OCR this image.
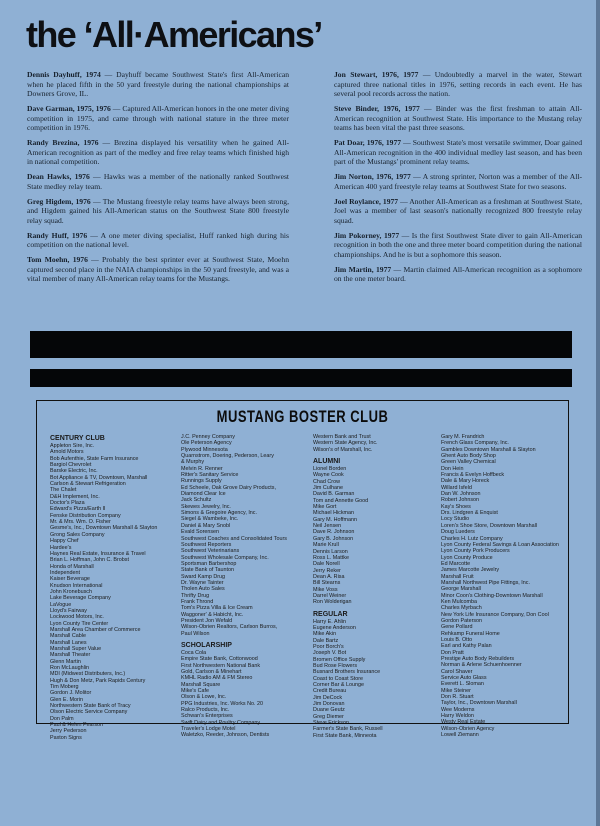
the ‘All·Americans’

Dennis Dayhuff, 1974 — Dayhuff became Southwest State's first All-American when he placed fifth in the 50 yard freestyle during the national championships at Downers Grove, IL.

Dave Garman, 1975, 1976 — Captured All-American honors in the one meter diving competition in 1975, and came through with national stature in the three meter competition in 1976.

Randy Brezina, 1976 — Brezina displayed his versatility when he gained All-American recognition as part of the medley and free relay teams which finished high in national competition.

Dean Hawks, 1976 — Hawks was a member of the nationally ranked Southwest State medley relay team.

Greg Higdem, 1976 — The Mustang freestyle relay teams have always been strong, and Higdem gained his All-American status on the Southwest State 800 freestyle relay squad.

Randy Huff, 1976 — A one meter diving specialist, Huff ranked high during his competition on the national level.

Tom Moehn, 1976 — Probably the best sprinter ever at Southwest State, Moehn captured second place in the NAIA championships in the 50 yard freestyle, and was a vital member of many All-American relay teams for the Mustangs.

Jon Stewart, 1976, 1977 — Undoubtedly a marvel in the water, Stewart captured three national titles in 1976, setting records in each event. He has several pool records across the nation.

Steve Binder, 1976, 1977 — Binder was the first freshman to attain All-American recognition at Southwest State. His importance to the Mustang relay teams has been vital the past three seasons.

Pat Doar, 1976, 1977 — Southwest State's most versatile swimmer, Doar gained All-American recognition in the 400 individual medley last season, and has been part of the Mustangs' prominent relay teams.

Jim Norton, 1976, 1977 — A strong sprinter, Norton was a member of the All-American 400 yard freestyle relay teams at Southwest State for two seasons.

Joel Roylance, 1977 — Another All-American as a freshman at Southwest State, Joel was a member of last season's nationally recognized 800 freestyle relay squad.

Jim Pokorney, 1977 — Is the first Southwest State diver to gain All-American recognition in both the one and three meter board competition during the national championships. And he is but a sophomore this season.

Jim Martin, 1977 — Martin claimed All-American recognition as a sophomore on the one meter board.

MUSTANG BOSTER CLUB
CENTURY CLUB
Appleton Sire, Inc.
Arnold Motors
Bob Aufenthie, State Farm Insurance
Bargiol Chevrolet
Barske Electric, Inc.
Bot Appliance & TV, Downtown, Marshall
Carlson & Stewart Refrigeration
The Chalet
D&H Implement, Inc.
Doctor's Plaza
Edward's Pizza/Earth II
Fenske Distribution Company
Mr. & Mrs. Wm. O. Fisher
Gesme's, Inc., Downtown Marshall & Slayton
Grong Sales Company
Happy Chef
Hardee's
Haynes Real Estate, Insurance & Travel
Brian L. Hoffman, John C. Brobst
Honda of Marshall
Independent
Kaiser Beverage
Knudson International
John Kronebusch
Lake Beverage Company
LaVogue
Lloyd's Fairway
Lockwood Motors, Inc.
Lyon County Tire Center
Marshall Area Chamber of Commerce
Marshall Cable
Marshall Lanes
Marshall Super Value
Marshall Theater
Glenn Martin
Ron McLaughlin
MDI (Midwest Distributers, Inc.)
Hugh & Don Metz, Park Rapids Century
Tim Moberg
Gordon J. Molitor
Glen E. Morin
Northwestern State Bank of Tracy
Olson Electric Service Company
Don Palm
Paul & Helen Pearson
Jerry Pederson
Paxton Signs
J.C. Penney Company
Ole Peterson Agency
Plywood Minnesota
Quarnstrom, Doering, Pederson, Leary
& Murphy
Melvin R. Renner
Ritter's Sanitary Service
Runnings Supply
Ed Scheele, Oak Grove Dairy Products,
Diamond Clear Ice
Jack Schultz
Skewes Jewelry, Inc.
Simons & Gregoire Agency, Inc.
Siegel & Wambeke, Inc.
Daniel & Mary Snobl
Evald Sorensen
Southwest Coaches and Consolidated Tours
Southwest Reporters
Southwest Veterinarians
Southwest Wholesale Company, Inc.
Sportsman Barbershop
State Bank of Taunton
Sward Kamp Drug
Dr. Wayne Tainter
Tholen Auto Sales
Thrifty Drug
Frank Thrond
Tom's Pizza Villa & Ice Cream
Waggoner' & Habicht, Inc.
President Jon Wefald
Wilson-Obrien Realtors, Carlson Burros,
Paul Wilson
SCHOLARSHIP
Coca Cola
Empire State Bank, Cottonwood
First Northwestern National Bank
Gold, Carlson & Minehart
KMHL Radio AM & FM Stereo
Marshall Square
Mike's Cafe
Olson & Lowe, Inc.
PPG Industries, Inc. Works No. 20
Ralco Products, Inc.
Schwan's Enterprises
Swift Dairy and Poultry Company
Traveler's Lodge Motel
Waletzko, Reeder, Johnson, Dentists
Western Bank and Trust
Western State Agency, Inc.
Wilson's of Marshall, Inc.
ALUMNI
Lionel Borden
Wayne Cook
Chad Crow
Jim Culhane
David B. Garman
Tom and Annette Good
Mike Gort
Michael Hickman
Gary M. Hoffmann
Neil Jensen
Dave R. Johnson
Gary B. Johnson
Marie Krull
Dennis Larson
Ross L. Mattke
Dale Norell
Jerry Reker
Dean A. Risa
Bill Stearns
Mike Voss
Darrel Weiner
Ron Wolderigan
REGULAR
Harry E. Ahlin
Eugene Anderson
Mike Akin
Dale Bartz
Poor Borch's
Joseph V. Bot
Bromen Office Supply
Bud Rose Flowers
Busnard Brothers Insurance
Coast to Coast Store
Corner Bar & Lounge
Credit Bureau
Jim DeCock
Jim Donovan
Duane Geutz
Greg Diemer
Steve Erickson
Farmer's State Bank, Russell
First State Bank, Minneota
Gary M. Frandrich
French Glass Company, Inc.
Gambles Downtown Marshall & Slayton
Ghent Auto Body Shop
Green Valley Chemical
Don Hein
Francis & Evelyn Hoffbeck
Dale & Mary Horeck
Willard Isfeld
Dan W. Johnson
Robert Johnson
Kay's Shoes
Drs. Lindgren & Enquist
Locy Studio
Loren's Shoe Store, Downtown Marshall
Doug Lueders
Charles H. Lutz Company
Lyon County Federal Savings & Loan Association
Lyon County Pork Producers
Lyon County Produce
Ed Marcotte
James Marcotte Jewelry
Marshall Fruit
Marshall Northwest Pipe Fittings, Inc.
George Marshall
Minor Coon's Clothing-Downtown Marshall
Ken Mulcomba
Charles Myrbach
New York Life Insurance Company, Don Cool
Gordon Paterson
Gene Pollard
Rehkamp Funeral Home
Louis B. Otto
Earl and Kathy Palan
Don Pratt
Prestige Auto Body Rebuilders
Norman & Arlene Schuenhoenner
Carol Shaver
Service Auto Glass
Everett L. Sloman
Mike Steiner
Don R. Stuart
Taylor, Inc., Downtown Marshall
Wee Moderns
Harry Weldon
Westy Real Estate
Wilson-Obrien Agency
Lowell Ziemann
